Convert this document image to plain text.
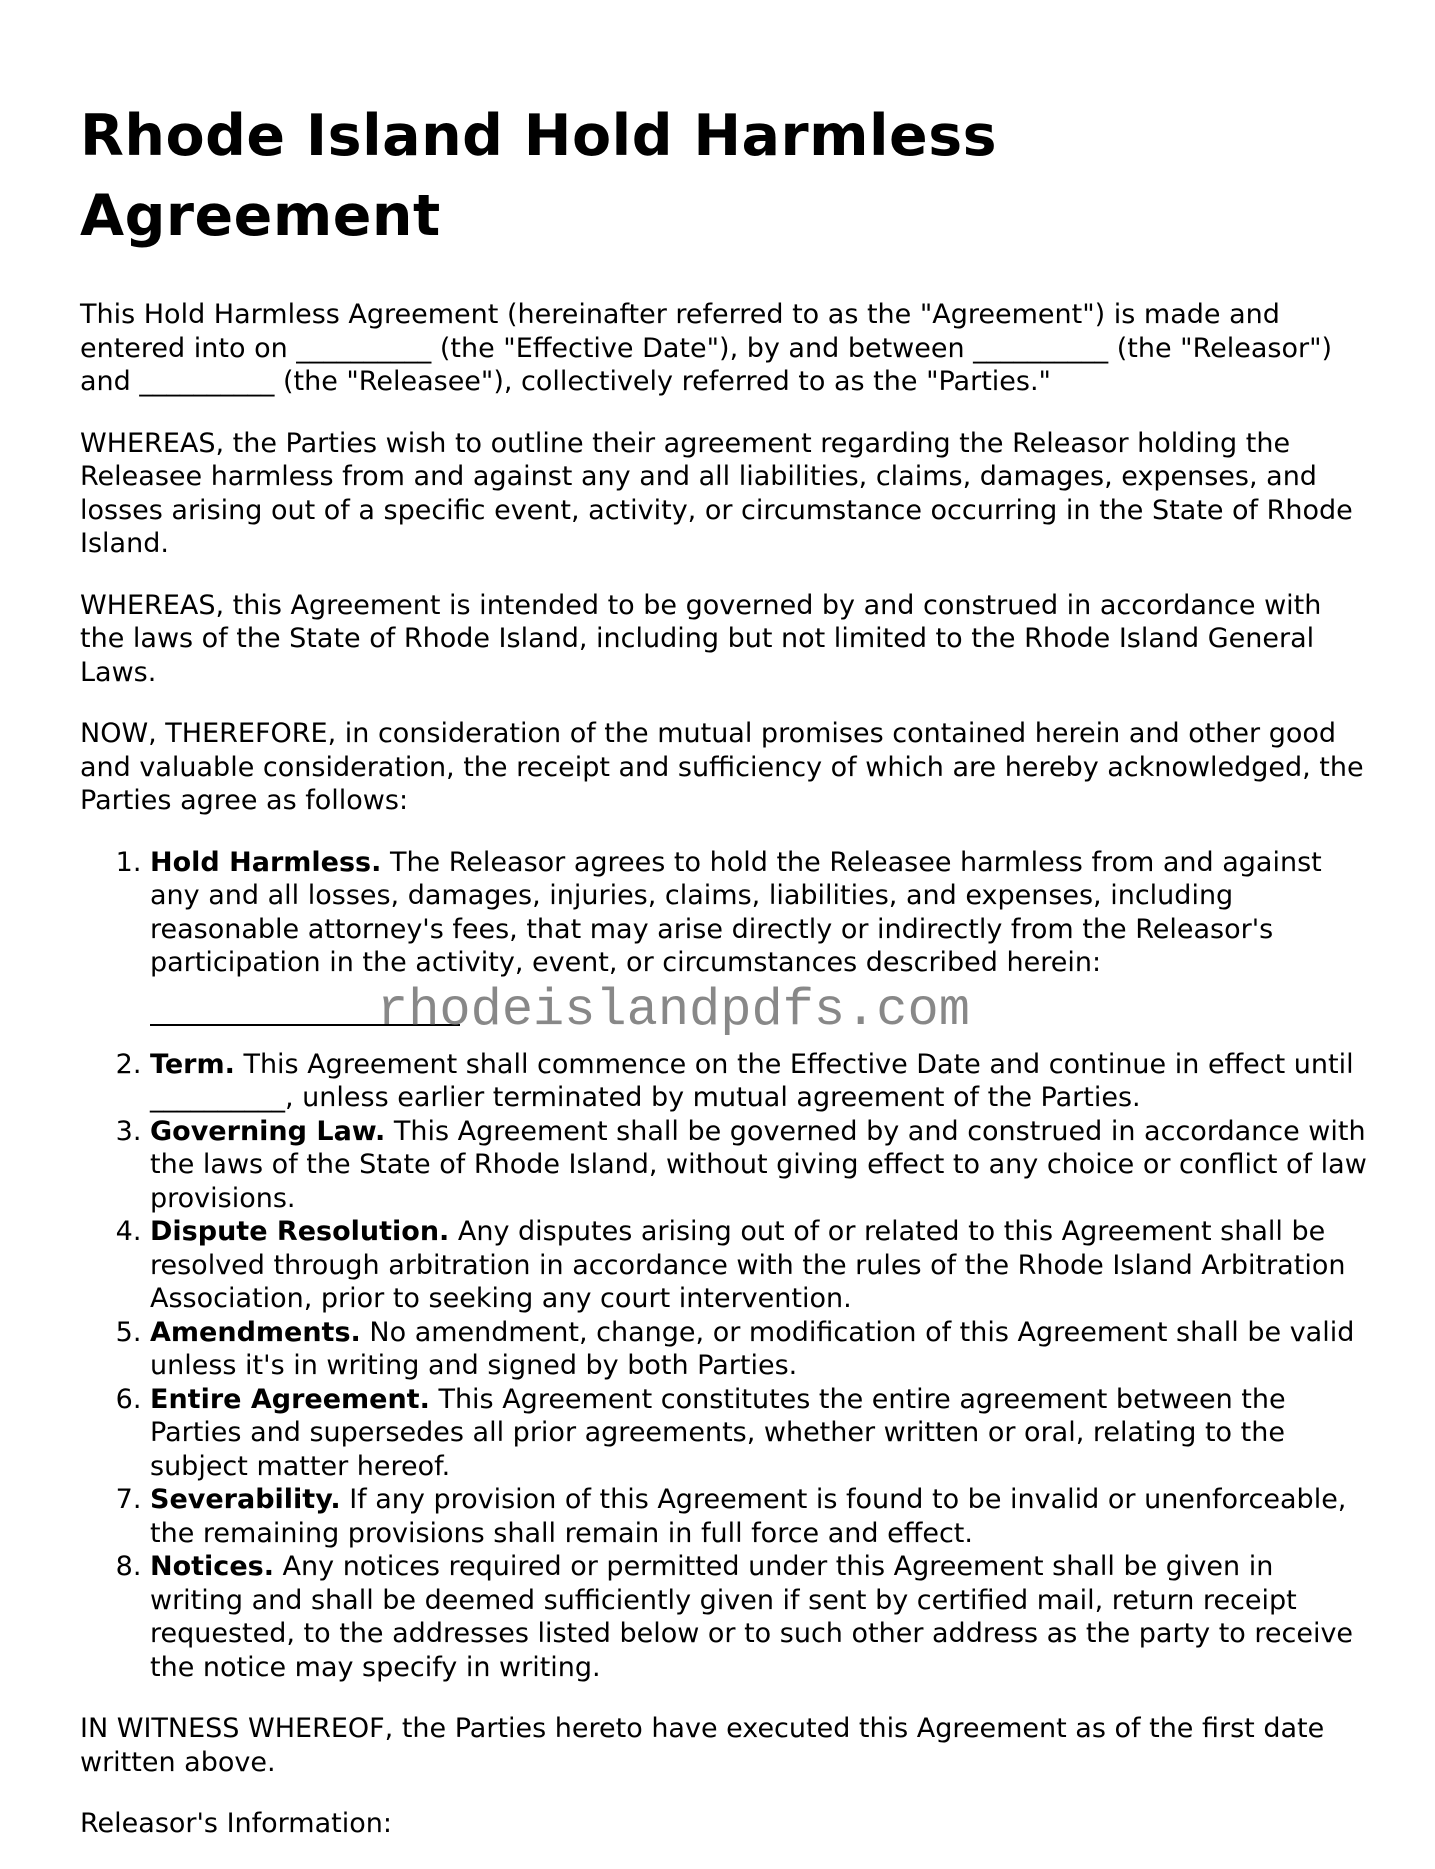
Rhode Island Hold Harmless Agreement

This Hold Harmless Agreement (hereinafter referred to as the "Agreement") is made and entered into on __________ (the "Effective Date"), by and between __________ (the "Releasor") and __________ (the "Releasee"), collectively referred to as the "Parties."

WHEREAS, the Parties wish to outline their agreement regarding the Releasor holding the Releasee harmless from and against any and all liabilities, claims, damages, expenses, and losses arising out of a specific event, activity, or circumstance occurring in the State of Rhode Island.

WHEREAS, this Agreement is intended to be governed by and construed in accordance with the laws of the State of Rhode Island, including but not limited to the Rhode Island General Laws.

NOW, THEREFORE, in consideration of the mutual promises contained herein and other good and valuable consideration, the receipt and sufficiency of which are hereby acknowledged, the Parties agree as follows:

1. Hold Harmless. The Releasor agrees to hold the Releasee harmless from and against any and all losses, damages, injuries, claims, liabilities, and expenses, including reasonable attorney's fees, that may arise directly or indirectly from the Releasor's participation in the activity, event, or circumstances described herein:
rhodeislandpdfs.com
2. Term. This Agreement shall commence on the Effective Date and continue in effect until __________, unless earlier terminated by mutual agreement of the Parties.
3. Governing Law. This Agreement shall be governed by and construed in accordance with the laws of the State of Rhode Island, without giving effect to any choice or conflict of law provisions.
4. Dispute Resolution. Any disputes arising out of or related to this Agreement shall be resolved through arbitration in accordance with the rules of the Rhode Island Arbitration Association, prior to seeking any court intervention.
5. Amendments. No amendment, change, or modification of this Agreement shall be valid unless it's in writing and signed by both Parties.
6. Entire Agreement. This Agreement constitutes the entire agreement between the Parties and supersedes all prior agreements, whether written or oral, relating to the subject matter hereof.
7. Severability. If any provision of this Agreement is found to be invalid or unenforceable, the remaining provisions shall remain in full force and effect.
8. Notices. Any notices required or permitted under this Agreement shall be given in writing and shall be deemed sufficiently given if sent by certified mail, return receipt requested, to the addresses listed below or to such other address as the party to receive the notice may specify in writing.

IN WITNESS WHEREOF, the Parties hereto have executed this Agreement as of the first date written above.

Releasor's Information:
